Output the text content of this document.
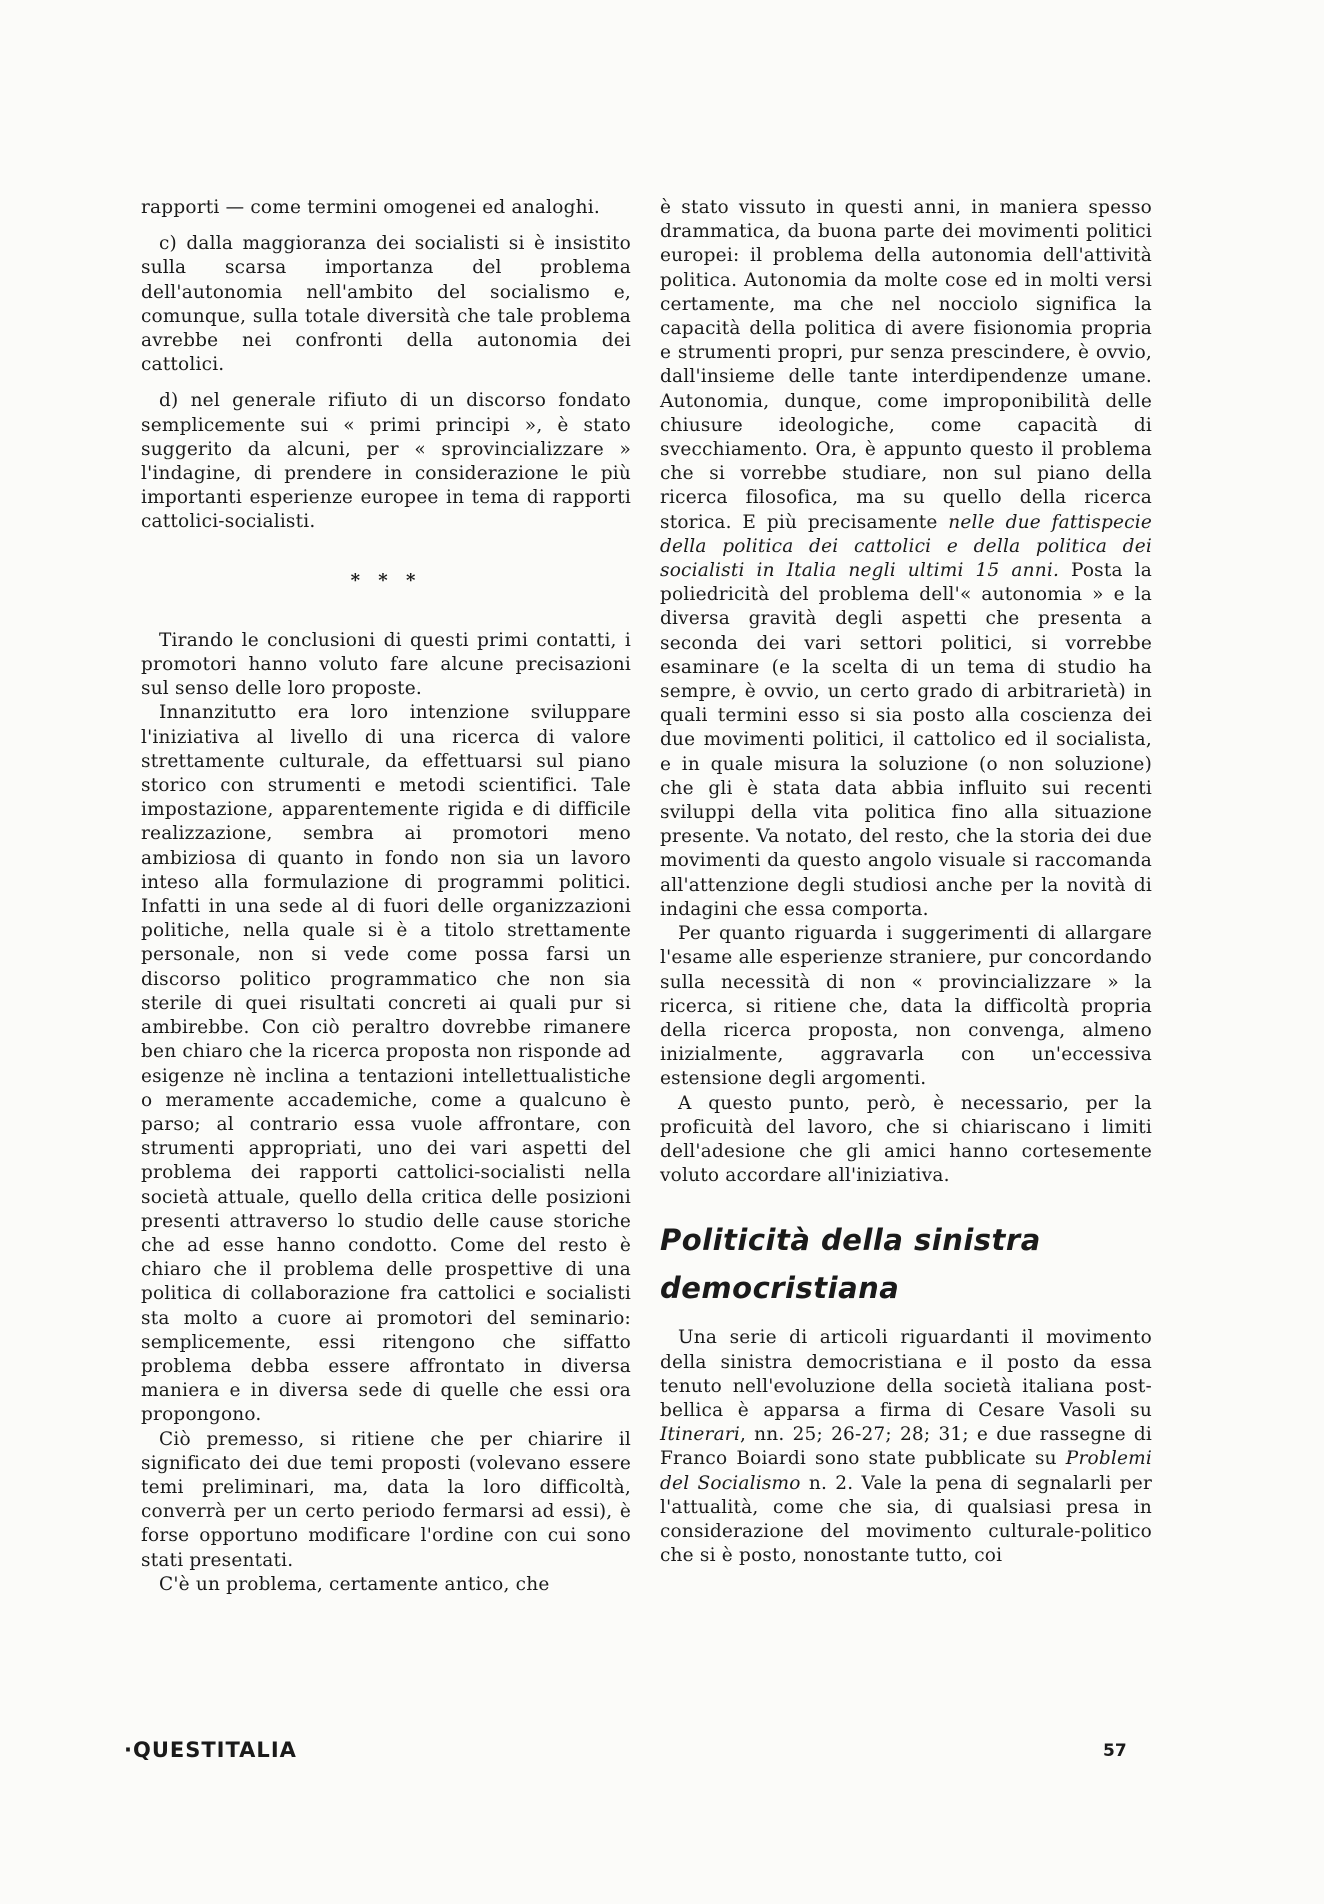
rapporti — come termini omogenei ed analoghi.

c) dalla maggioranza dei socialisti si è insistito sulla scarsa importanza del problema dell'autonomia nell'ambito del socialismo e, comunque, sulla totale diversità che tale problema avrebbe nei confronti della autonomia dei cattolici.

d) nel generale rifiuto di un discorso fondato semplicemente sui « primi principi », è stato suggerito da alcuni, per « sprovincializzare » l'indagine, di prendere in considerazione le più importanti esperienze europee in tema di rapporti cattolici-socialisti.

* * *

Tirando le conclusioni di questi primi contatti, i promotori hanno voluto fare alcune precisazioni sul senso delle loro proposte.

Innanzitutto era loro intenzione sviluppare l'iniziativa al livello di una ricerca di valore strettamente culturale, da effettuarsi sul piano storico con strumenti e metodi scientifici. Tale impostazione, apparentemente rigida e di difficile realizzazione, sembra ai promotori meno ambiziosa di quanto in fondo non sia un lavoro inteso alla formulazione di programmi politici. Infatti in una sede al di fuori delle organizzazioni politiche, nella quale si è a titolo strettamente personale, non si vede come possa farsi un discorso politico programmatico che non sia sterile di quei risultati concreti ai quali pur si ambirebbe. Con ciò peraltro dovrebbe rimanere ben chiaro che la ricerca proposta non risponde ad esigenze nè inclina a tentazioni intellettualistiche o meramente accademiche, come a qualcuno è parso; al contrario essa vuole affrontare, con strumenti appropriati, uno dei vari aspetti del problema dei rapporti cattolici-socialisti nella società attuale, quello della critica delle posizioni presenti attraverso lo studio delle cause storiche che ad esse hanno condotto. Come del resto è chiaro che il problema delle prospettive di una politica di collaborazione fra cattolici e socialisti sta molto a cuore ai promotori del seminario: semplicemente, essi ritengono che siffatto problema debba essere affrontato in diversa maniera e in diversa sede di quelle che essi ora propongono.

Ciò premesso, si ritiene che per chiarire il significato dei due temi proposti (volevano essere temi preliminari, ma, data la loro difficoltà, converrà per un certo periodo fermarsi ad essi), è forse opportuno modificare l'ordine con cui sono stati presentati.

C'è un problema, certamente antico, che

è stato vissuto in questi anni, in maniera spesso drammatica, da buona parte dei movimenti politici europei: il problema della autonomia dell'attività politica. Autonomia da molte cose ed in molti versi certamente, ma che nel nocciolo significa la capacità della politica di avere fisionomia propria e strumenti propri, pur senza prescindere, è ovvio, dall'insieme delle tante interdipendenze umane. Autonomia, dunque, come improponibilità delle chiusure ideologiche, come capacità di svecchiamento. Ora, è appunto questo il problema che si vorrebbe studiare, non sul piano della ricerca filosofica, ma su quello della ricerca storica. E più precisamente nelle due fattispecie della politica dei cattolici e della politica dei socialisti in Italia negli ultimi 15 anni. Posta la poliedricità del problema dell'« autonomia » e la diversa gravità degli aspetti che presenta a seconda dei vari settori politici, si vorrebbe esaminare (e la scelta di un tema di studio ha sempre, è ovvio, un certo grado di arbitrarietà) in quali termini esso si sia posto alla coscienza dei due movimenti politici, il cattolico ed il socialista, e in quale misura la soluzione (o non soluzione) che gli è stata data abbia influito sui recenti sviluppi della vita politica fino alla situazione presente. Va notato, del resto, che la storia dei due movimenti da questo angolo visuale si raccomanda all'attenzione degli studiosi anche per la novità di indagini che essa comporta.

Per quanto riguarda i suggerimenti di allargare l'esame alle esperienze straniere, pur concordando sulla necessità di non « provincializzare » la ricerca, si ritiene che, data la difficoltà propria della ricerca proposta, non convenga, almeno inizialmente, aggravarla con un'eccessiva estensione degli argomenti.

A questo punto, però, è necessario, per la proficuità del lavoro, che si chiariscano i limiti dell'adesione che gli amici hanno cortesemente voluto accordare all'iniziativa.

Politicità della sinistra
democristiana

Una serie di articoli riguardanti il movimento della sinistra democristiana e il posto da essa tenuto nell'evoluzione della società italiana post-bellica è apparsa a firma di Cesare Vasoli su Itinerari, nn. 25; 26-27; 28; 31; e due rassegne di Franco Boiardi sono state pubblicate su Problemi del Socialismo n. 2. Vale la pena di segnalarli per l'attualità, come che sia, di qualsiasi presa in considerazione del movimento culturale-politico che si è posto, nonostante tutto, coi

·QUESTITALIA	57
